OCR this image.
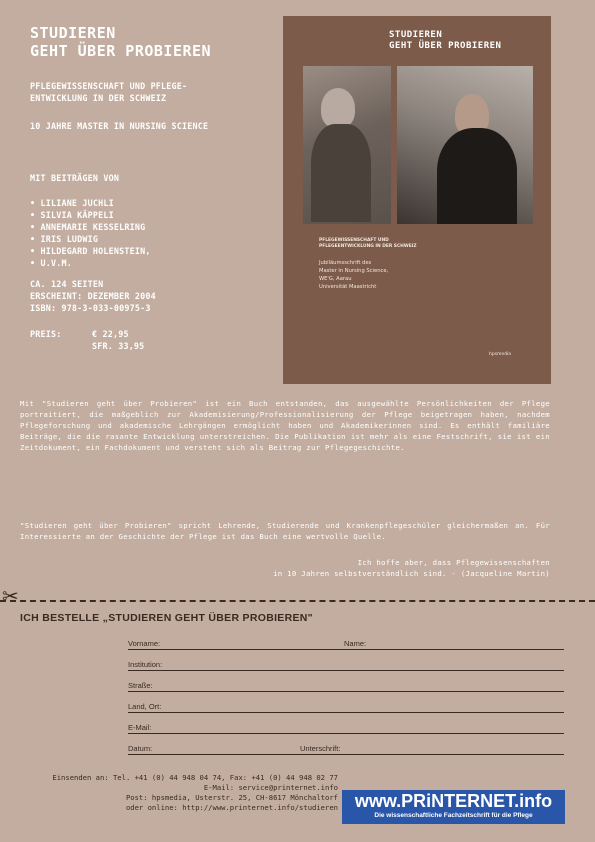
STUDIEREN
GEHT ÜBER PROBIEREN
PFLEGEWISSENSCHAFT UND PFLEGE-
ENTWICKLUNG IN DER SCHWEIZ
10 JAHRE MASTER IN NURSING SCIENCE
MIT BEITRÄGEN VON
• LILIANE JUCHLI
• SILVIA KÄPPELI
• ANNEMARIE KESSELRING
• IRIS LUDWIG
• HILDEGARD HOLENSTEIN,
• U.V.M.
CA. 124 SEITEN
ERSCHEINT: DEZEMBER 2004
ISBN: 978-3-033-00975-3
PREIS:	€ 22,95
SFR. 33,95
STUDIEREN
GEHT ÜBER PROBIEREN
PFLEGEWISSENSCHAFT UND
PFLEGEENTWICKLUNG IN DER SCHWEIZ
Jubiläumsschrift des
Master in Nursing Science,
WE'G, Aarau
Universität Maastricht
hpsmedia
Mit "Studieren geht über Probieren" ist ein Buch entstanden, das ausgewählte Persönlichkeiten der Pflege portraitiert, die maßgeblich zur Akademisierung/Professionalisierung der Pflege beigetragen haben, nachdem Pflegeforschung und akademische Lehrgängen ermöglicht haben und Akademikerinnen sind. Es enthält familiäre Beiträge, die die rasante Entwicklung unterstreichen. Die Publikation ist mehr als eine Festschrift, sie ist ein Zeitdokument, ein Fachdokument und versteht sich als Beitrag zur Pflegegeschichte.
"Studieren geht über Probieren" spricht Lehrende, Studierende und Krankenpflegeschüler gleichermaßen an. Für Interessierte an der Geschichte der Pflege ist das Buch eine wertvolle Quelle.
Ich hoffe aber, dass Pflegewissenschaften
in 10 Jahren selbstverständlich sind. - (Jacqueline Martin)
✂
ICH BESTELLE „STUDIEREN GEHT ÜBER PROBIEREN"
Vorname:	Name:
Institution:
Straße:
Land, Ort:
E-Mail:
Datum:	Unterschrift:
Einsenden an: Tel. +41 (0) 44 948 04 74, Fax: +41 (0) 44 948 02 77
E-Mail: service@printernet.info
Post: hpsmedia, Usterstr. 25, CH-8617 Mönchaltorf
oder online: http://www.printernet.info/studieren www.PRiNTERNET.info
Die wissenschaftliche Fachzeitschrift für die Pflege
